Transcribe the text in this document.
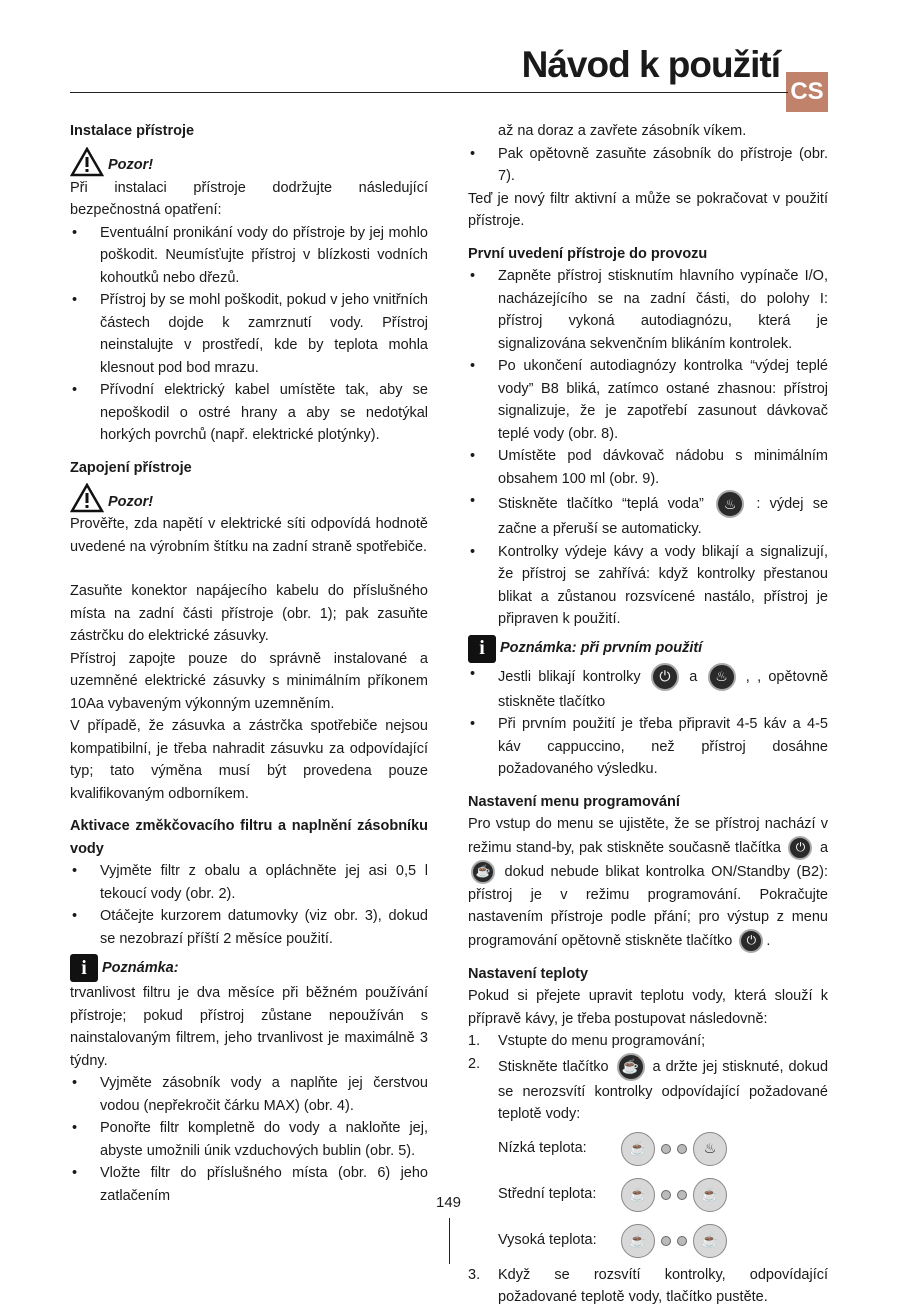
Návod k použití
CS
Instalace přístroje
Pozor!

Při instalaci přístroje dodržujte následující bezpečnostná opatření:

• Eventuální pronikání vody do přístroje by jej mohlo poškodit. Neumísťujte přístroj v blízkosti vodních kohoutků nebo dřezů.
• Přístroj by se mohl poškodit, pokud v jeho vnitřních částech dojde k zamrznutí vody. Přístroj neinstalujte v prostředí, kde by teplota mohla klesnout pod bod mrazu.
• Přívodní elektrický kabel umístěte tak, aby se nepoškodil o ostré hrany a aby se nedotýkal horkých povrchů (např. elektrické plotýnky).
Zapojení přístroje
Pozor!

Prověřte, zda napětí v elektrické síti odpovídá hodnotě uvedené na výrobním štítku na zadní straně spotřebiče.

Zasuňte konektor napájecího kabelu do příslušného místa na zadní části přístroje (obr. 1); pak zasuňte zástrčku do elektrické zásuvky.

Přístroj zapojte pouze do správně instalované a uzemněné elektrické zásuvky s minimálním příkonem 10Aa vybaveným výkonným uzemněním.

V případě, že zásuvka a zástrčka spotřebiče nejsou kompatibilní, je třeba nahradit zásuvku za odpovídající typ; tato výměna musí být provedena pouze kvalifikovaným odborníkem.

Aktivace změkčovacího filtru a naplnění zásobníku vody
• Vyjměte filtr z obalu a opláchněte jej asi 0,5 l tekoucí vody (obr. 2).
• Otáčejte kurzorem datumovky (viz obr. 3), dokud se nezobrazí příští 2 měsíce použití.
i	Poznámka:

trvanlivost filtru je dva měsíce při běžném používání přístroje; pokud přístroj zůstane nepoužíván s nainstalovaným filtrem, jeho trvanlivost je maximálně 3 týdny.

• Vyjměte zásobník vody a naplňte jej čerstvou vodou (nepřekročit čárku MAX) (obr. 4).
• Ponořte filtr kompletně do vody a nakloňte jej, abyste umožnili únik vzduchových bublin (obr. 5).
• Vložte filtr do příslušného místa (obr. 6) jeho zatlačením

až na doraz a zavřete zásobník víkem.

• Pak opětovně zasuňte zásobník do přístroje (obr. 7).

Teď je nový filtr aktivní a může se pokračovat v použití přístroje.

První uvedení přístroje do provozu
• Zapněte přístroj stisknutím hlavního vypínače I/O, nacházejícího se na zadní části, do polohy I: přístroj vykoná autodiagnózu, která je signalizována sekvenčním blikáním kontrolek.
• Po ukončení autodiagnózy kontrolka “výdej teplé vody” B8 bliká, zatímco ostané zhasnou: přístroj signalizuje, že je zapotřebí zasunout dávkovač teplé vody (obr. 8).
• Umístěte pod dávkovač nádobu s minimálním obsahem 100 ml (obr. 9).
• Stiskněte tlačítko “teplá voda” ♨ : výdej se začne a přeruší se automaticky.
• Kontrolky výdeje kávy a vody blikají a signalizují, že přístroj se zahřívá: když kontrolky přestanou blikat a zůstanou rozsvícené nastálo, přístroj je připraven k použití.
i	Poznámka: při prvním použití
• Jestli blikají kontrolky ⏻ a ♨ , , opětovně stiskněte tlačítko
• Při prvním použití je třeba připravit 4-5 káv a 4-5 káv cappuccino, než přístroj dosáhne požadovaného výsledku.
Nastavení menu programování

Pro vstup do menu se ujistěte, že se přístroj nachází v režimu stand-by, pak stiskněte současně tlačítka ⏻ a ☕ dokud nebude blikat kontrolka ON/Standby (B2): přístroj je v režimu programování. Pokračujte nastavením přístroje podle přání; pro výstup z menu programování opětovně stiskněte tlačítko ⏻ .

Nastavení teploty

Pokud si přejete upravit teplotu vody, která slouží k přípravě kávy, je třeba postupovat následovně:

1. Vstupte do menu programování;
2. Stiskněte tlačítko ☕ a držte jej stisknuté, dokud se nerozsvítí kontrolky odpovídající požadované teplotě vody:
Nízká teplota:	☕	♨
Střední teplota:	☕	☕
Vysoká teplota:	☕	☕
3. Když se rozsvítí kontrolky, odpovídající požadované teplotě vody, tlačítko pustěte.
149
